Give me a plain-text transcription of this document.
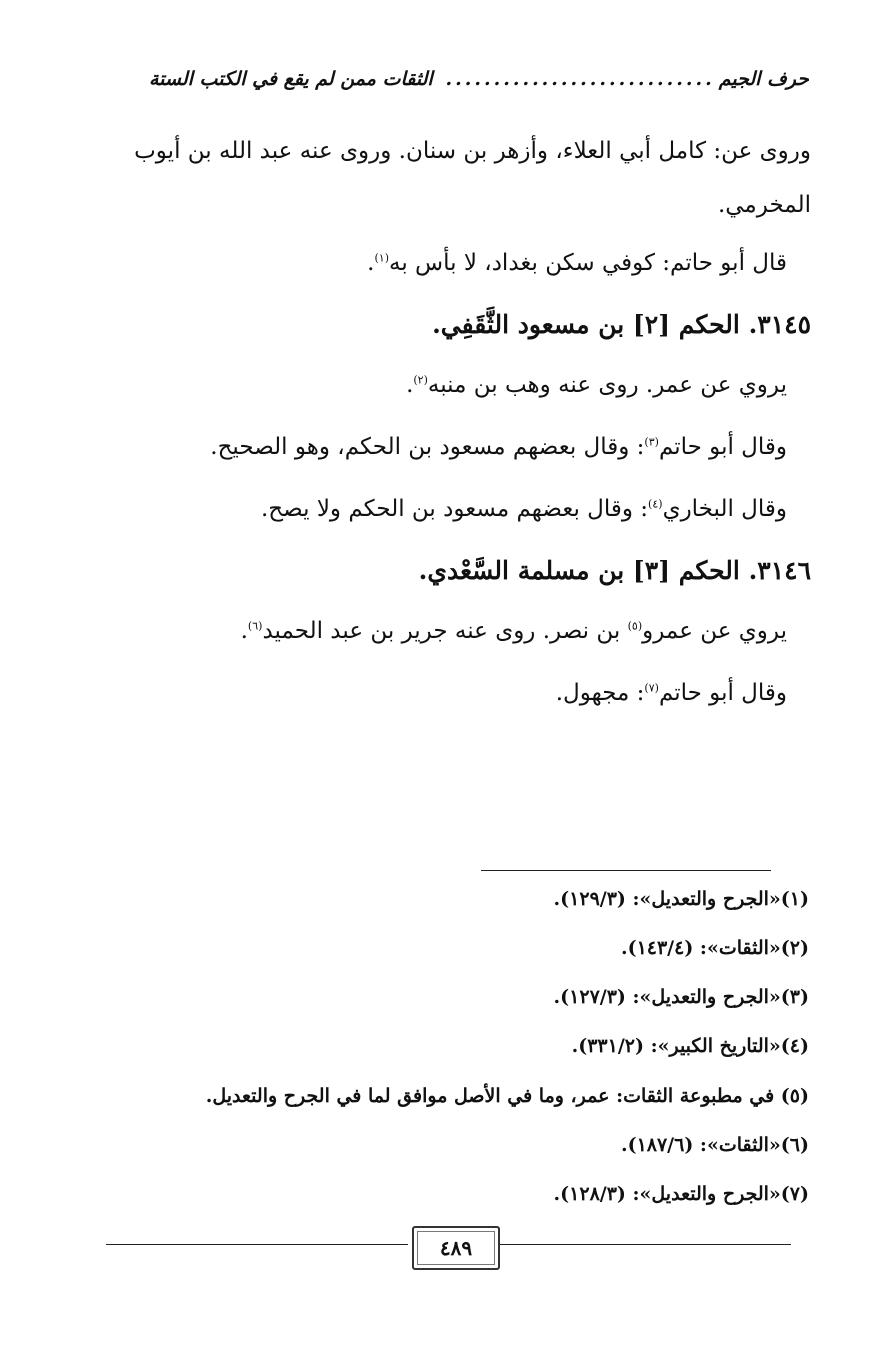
حرف الجيم
............................
الثقات ممن لم يقع في الكتب الستة
وروى عن: كامل أبي العلاء، وأزهر بن سنان. وروى عنه عبد الله بن أيوب
المخرمي.
قال أبو حاتم: كوفي سكن بغداد، لا بأس به$^{(١)}$.
٣١٤٥. الحكم [٢] بن مسعود الثَّقَفِي.
يروي عن عمر. روى عنه وهب بن منبه$^{(٢)}$.
وقال أبو حاتم$^{(٣)}$: وقال بعضهم مسعود بن الحكم، وهو الصحيح.
وقال البخاري$^{(٤)}$: وقال بعضهم مسعود بن الحكم ولا يصح.
٣١٤٦. الحكم [٣] بن مسلمة السَّعْدي.
يروي عن عمرو$^{(٥)}$ بن نصر. روى عنه جرير بن عبد الحميد$^{(٦)}$.
وقال أبو حاتم$^{(٧)}$: مجهول.
(١)«الجرح والتعديل»: (١٢٩/٣).
(٢)«الثقات»: (١٤٣/٤).
(٣)«الجرح والتعديل»: (١٢٧/٣).
(٤)«التاريخ الكبير»: (٣٣١/٢).
(٥) في مطبوعة الثقات: عمر، وما في الأصل موافق لما في الجرح والتعديل.
(٦)«الثقات»: (١٨٧/٦).
(٧)«الجرح والتعديل»: (١٢٨/٣).
٤٨٩
